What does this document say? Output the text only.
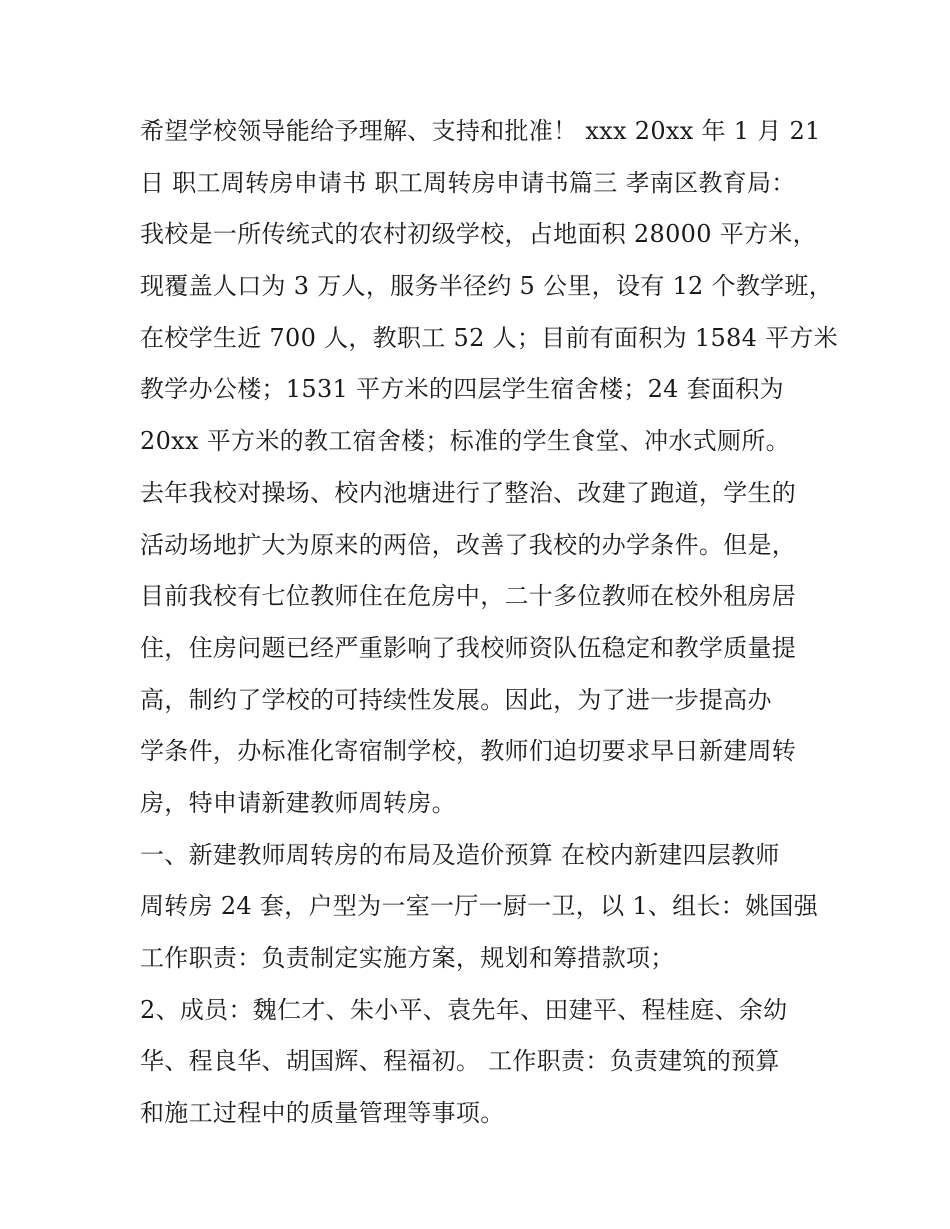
希望学校领导能给予理解、支持和批准！ xxx 20xx 年 1 月 21
日 职工周转房申请书 职工周转房申请书篇三 孝南区教育局：
我校是一所传统式的农村初级学校，占地面积 28000 平方米，
现覆盖人口为 3 万人，服务半径约 5 公里，设有 12 个教学班，
在校学生近 700 人，教职工 52 人；目前有面积为 1584 平方米
教学办公楼；1531 平方米的四层学生宿舍楼；24 套面积为
20xx 平方米的教工宿舍楼；标准的学生食堂、冲水式厕所。
去年我校对操场、校内池塘进行了整治、改建了跑道，学生的
活动场地扩大为原来的两倍，改善了我校的办学条件。但是，
目前我校有七位教师住在危房中，二十多位教师在校外租房居
住，住房问题已经严重影响了我校师资队伍稳定和教学质量提
高，制约了学校的可持续性发展。因此，为了进一步提高办
学条件，办标准化寄宿制学校，教师们迫切要求早日新建周转
房，特申请新建教师周转房。
一、新建教师周转房的布局及造价预算 在校内新建四层教师
周转房 24 套，户型为一室一厅一厨一卫，以 1、组长：姚国强
工作职责：负责制定实施方案，规划和筹措款项；
2、成员：魏仁才、朱小平、袁先年、田建平、程桂庭、余幼
华、程良华、胡国辉、程福初。 工作职责：负责建筑的预算
和施工过程中的质量管理等事项。
